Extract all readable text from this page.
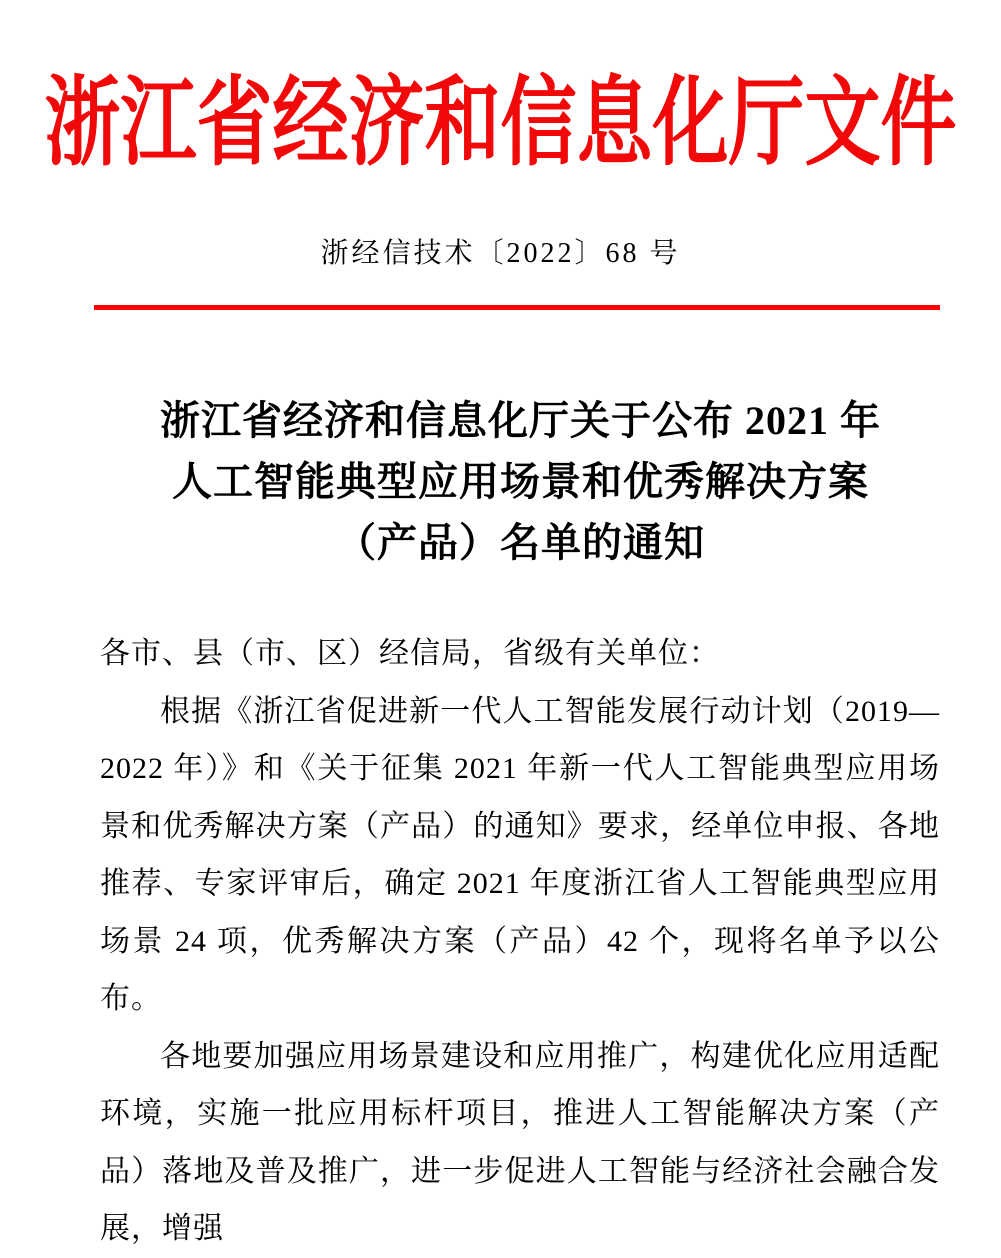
浙江省经济和信息化厅文件
浙经信技术〔2022〕68 号
浙江省经济和信息化厅关于公布 2021 年
人工智能典型应用场景和优秀解决方案
（产品）名单的通知

各市、县（市、区）经信局，省级有关单位：

根据《浙江省促进新一代人工智能发展行动计划（2019—2022 年）》和《关于征集 2021 年新一代人工智能典型应用场景和优秀解决方案（产品）的通知》要求，经单位申报、各地推荐、专家评审后，确定 2021 年度浙江省人工智能典型应用场景 24 项，优秀解决方案（产品）42 个，现将名单予以公布。

各地要加强应用场景建设和应用推广，构建优化应用适配环境，实施一批应用标杆项目，推进人工智能解决方案（产品）落地及普及推广，进一步促进人工智能与经济社会融合发展，增强
